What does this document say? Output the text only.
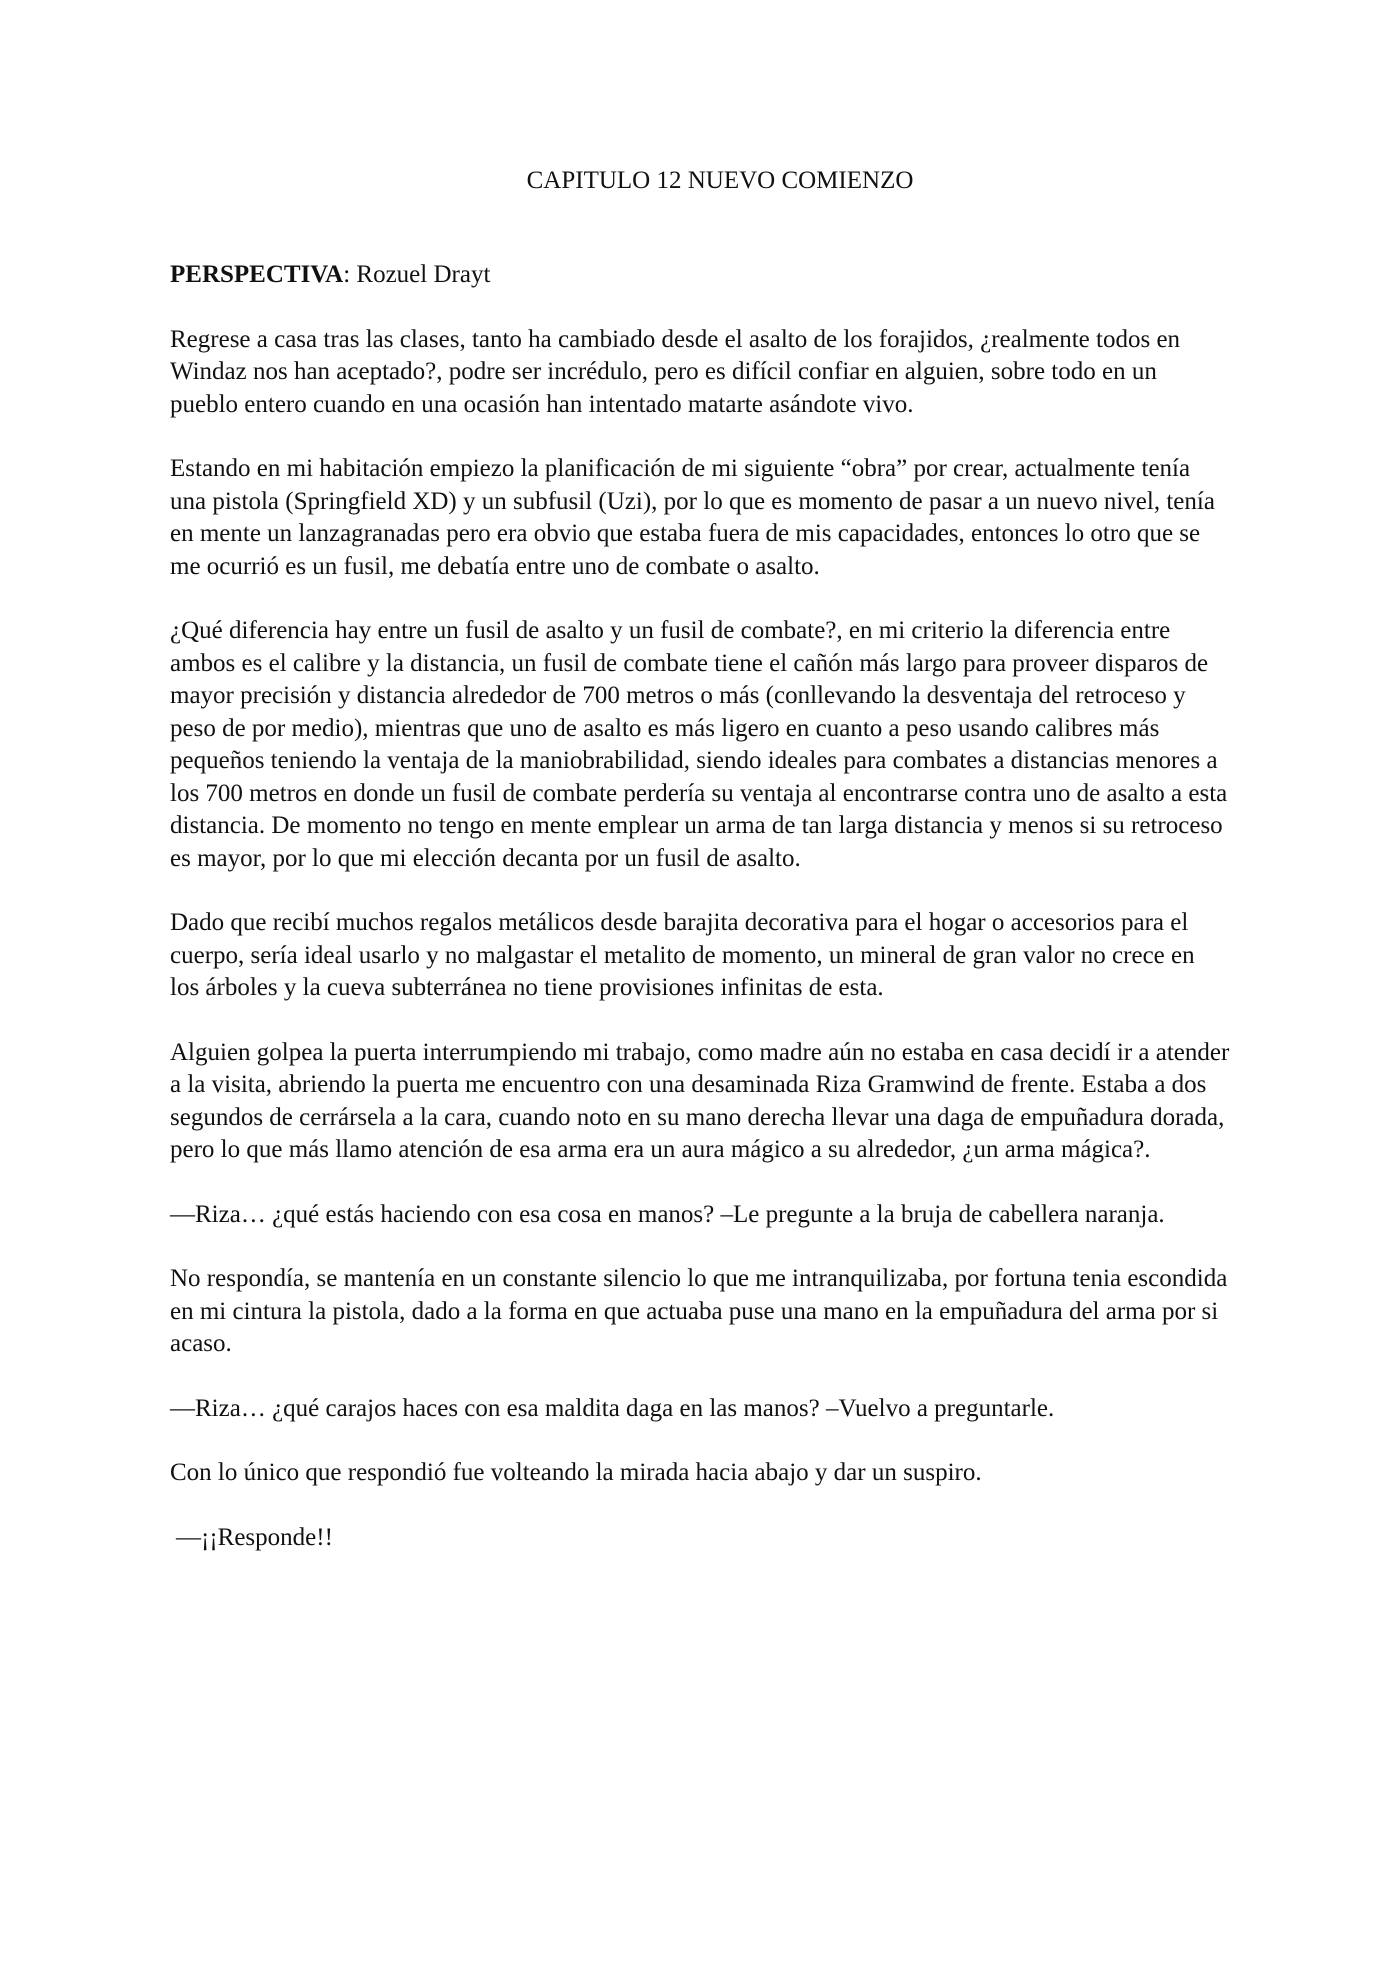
CAPITULO 12 NUEVO COMIENZO

PERSPECTIVA: Rozuel Drayt

Regrese a casa tras las clases, tanto ha cambiado desde el asalto de los forajidos, ¿realmente todos en Windaz nos han aceptado?, podre ser incrédulo, pero es difícil confiar en alguien, sobre todo en un pueblo entero cuando en una ocasión han intentado matarte asándote vivo.

Estando en mi habitación empiezo la planificación de mi siguiente “obra” por crear, actualmente tenía una pistola (Springfield XD) y un subfusil (Uzi), por lo que es momento de pasar a un nuevo nivel, tenía en mente un lanzagranadas pero era obvio que estaba fuera de mis capacidades, entonces lo otro que se me ocurrió es un fusil, me debatía entre uno de combate o asalto.

¿Qué diferencia hay entre un fusil de asalto y un fusil de combate?, en mi criterio la diferencia entre ambos es el calibre y la distancia, un fusil de combate tiene el cañón más largo para proveer disparos de mayor precisión y distancia alrededor de 700 metros o más (conllevando la desventaja del retroceso y peso de por medio), mientras que uno de asalto es más ligero en cuanto a peso usando calibres más pequeños teniendo la ventaja de la maniobrabilidad, siendo ideales para combates a distancias menores a los 700 metros en donde un fusil de combate perdería su ventaja al encontrarse contra uno de asalto a esta distancia. De momento no tengo en mente emplear un arma de tan larga distancia y menos si su retroceso es mayor, por lo que mi elección decanta por un fusil de asalto.

Dado que recibí muchos regalos metálicos desde barajita decorativa para el hogar o accesorios para el cuerpo, sería ideal usarlo y no malgastar el metalito de momento, un mineral de gran valor no crece en los árboles y la cueva subterránea no tiene provisiones infinitas de esta.

Alguien golpea la puerta interrumpiendo mi trabajo, como madre aún no estaba en casa decidí ir a atender a la visita, abriendo la puerta me encuentro con una desaminada Riza Gramwind de frente. Estaba a dos segundos de cerrársela a la cara, cuando noto en su mano derecha llevar una daga de empuñadura dorada, pero lo que más llamo atención de esa arma era un aura mágico a su alrededor, ¿un arma mágica?.

—Riza… ¿qué estás haciendo con esa cosa en manos? –Le pregunte a la bruja de cabellera naranja.

No respondía, se mantenía en un constante silencio lo que me intranquilizaba, por fortuna tenia escondida en mi cintura la pistola, dado a la forma en que actuaba puse una mano en la empuñadura del arma por si acaso.

—Riza… ¿qué carajos haces con esa maldita daga en las manos? –Vuelvo a preguntarle.

Con lo único que respondió fue volteando la mirada hacia abajo y dar un suspiro.

—¡¡Responde!!
